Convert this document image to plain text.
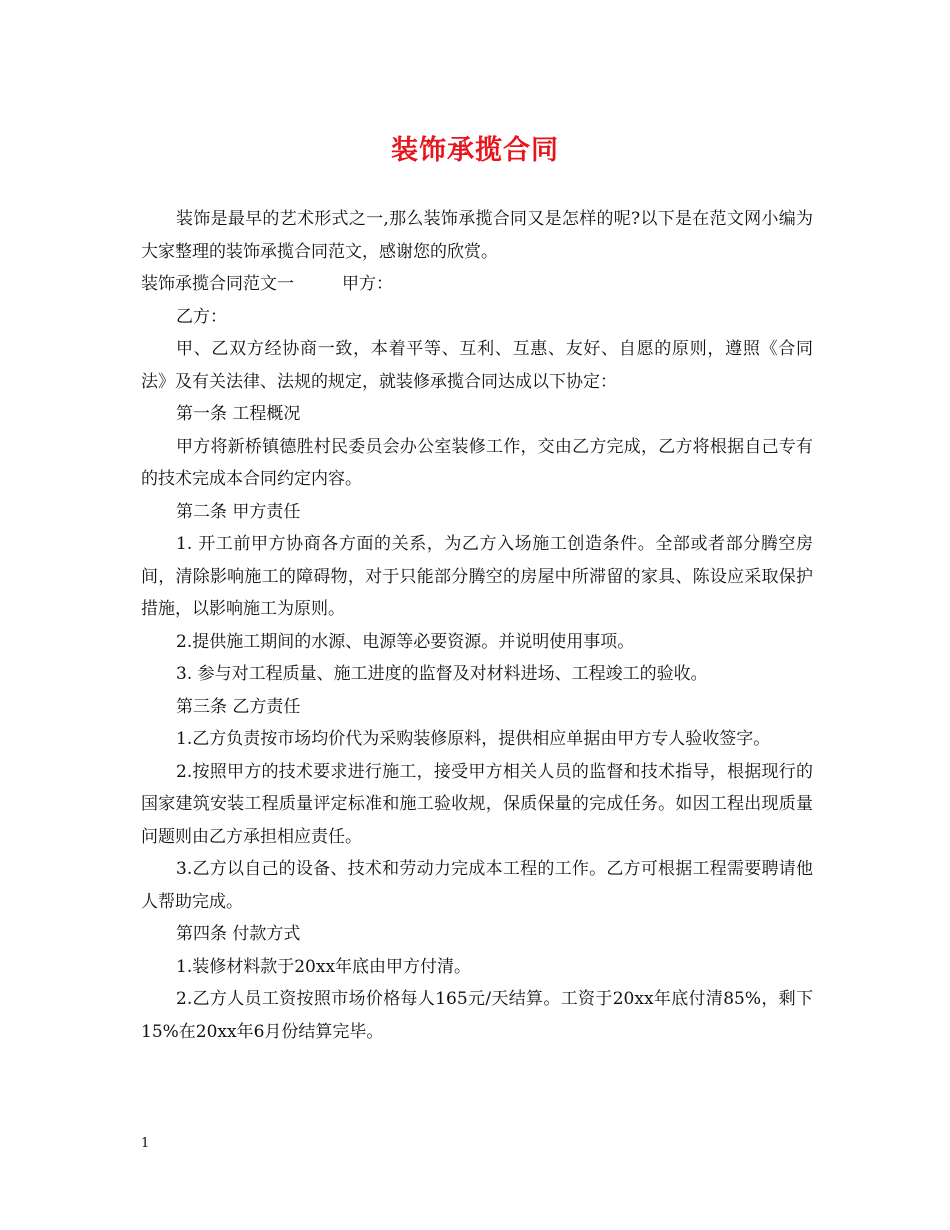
装饰承揽合同

装饰是最早的艺术形式之一,那么装饰承揽合同又是怎样的呢?以下是在范文网小编为大家整理的装饰承揽合同范文，感谢您的欣赏。

装饰承揽合同范文一	甲方：

乙方：

甲、乙双方经协商一致，本着平等、互利、互惠、友好、自愿的原则，遵照《合同法》及有关法律、法规的规定，就装修承揽合同达成以下协定：

第一条 工程概况

甲方将新桥镇德胜村民委员会办公室装修工作，交由乙方完成，乙方将根据自己专有的技术完成本合同约定内容。

第二条 甲方责任

1. 开工前甲方协商各方面的关系，为乙方入场施工创造条件。全部或者部分腾空房间，清除影响施工的障碍物，对于只能部分腾空的房屋中所滞留的家具、陈设应采取保护措施，以影响施工为原则。

2.提供施工期间的水源、电源等必要资源。并说明使用事项。

3. 参与对工程质量、施工进度的监督及对材料进场、工程竣工的验收。

第三条 乙方责任

1.乙方负责按市场均价代为采购装修原料，提供相应单据由甲方专人验收签字。

2.按照甲方的技术要求进行施工，接受甲方相关人员的监督和技术指导，根据现行的国家建筑安装工程质量评定标准和施工验收规，保质保量的完成任务。如因工程出现质量问题则由乙方承担相应责任。

3.乙方以自己的设备、技术和劳动力完成本工程的工作。乙方可根据工程需要聘请他人帮助完成。

第四条 付款方式

1.装修材料款于20xx年底由甲方付清。

2.乙方人员工资按照市场价格每人165元/天结算。工资于20xx年底付清85%，剩下15%在20xx年6月份结算完毕。

1
